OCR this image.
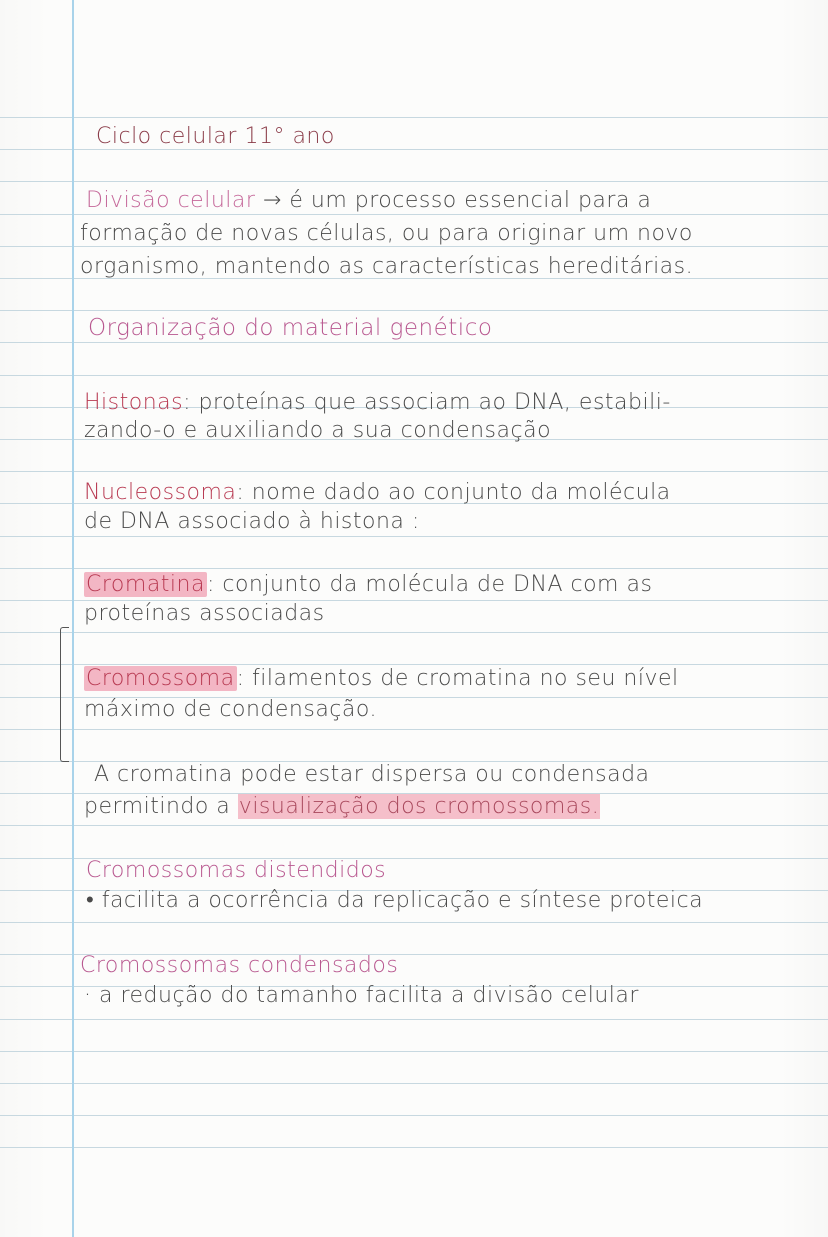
Ciclo celular 11° ano
Divisão celular → é um processo essencial para a
formação de novas células, ou para originar um novo
organismo, mantendo as características hereditárias.
Organização do material genético
Histonas: proteínas que associam ao DNA, estabili-
zando-o e auxiliando a sua condensação
Nucleossoma: nome dado ao conjunto da molécula
de DNA associado à histona :
Cromatina: conjunto da molécula de DNA com as
proteínas associadas
Cromossoma: filamentos de cromatina no seu nível
máximo de condensação.
A cromatina pode estar dispersa ou condensada
permitindo a visualização dos cromossomas.
Cromossomas distendidos
• facilita a ocorrência da replicação e síntese proteica
Cromossomas condensados
· a redução do tamanho facilita a divisão celular
